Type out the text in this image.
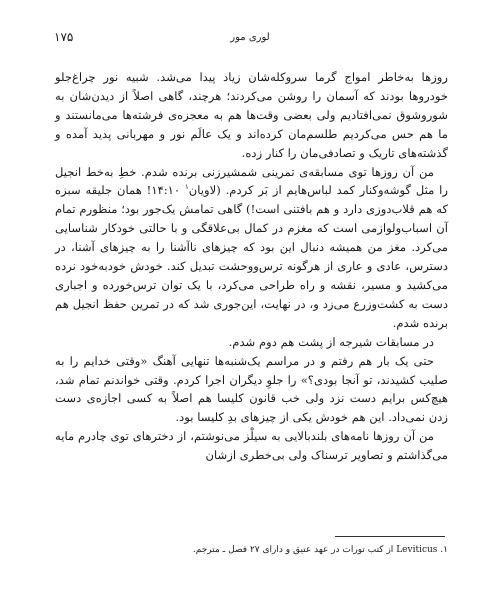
۱۷۵	لوری مور

روزها به‌خاطر امواج گرما سروکله‌شان زیاد پیدا می‌شد. شبیه نور چراغ‌جلو خودروها بودند که آسمان را روشن می‌کردند؛ هرچند، گاهی اصلاً از دیدن‌شان به شوروشوق نمی‌افتادیم ولی بعضی وقت‌ها هم به معجزه‌ی فرشته‌ها می‌مانستند و ما هم حس می‌کردیم طلسم‌مان کرده‌اند و یک عالَم نور و مهربانی پدید آمده و گذشته‌های تاریک و تصادفی‌مان را کنار زده.

من آن روزها توی مسابقه‌ی تمرینی شمشیرزنی برنده شدم. خطِ به‌خط انجیل را مثل گوشه‌وکنار کمد لباس‌هایم از بَر کردم. (لاویان$^۱$ ۱۴:۱۰! همان جلیقه سبزه که هم قلاب‌دوزی دارد و هم بافتنی است!) گاهی تمامش یک‌جور بود؛ منظورم تمام آن اسباب‌ولوازمی است که مغزم در کمال بی‌علاقگی و با حالتی خودکار شناسایی می‌کرد. مغز من همیشه دنبال این بود که چیزهای ناآشنا را به چیزهای آشنا، در دسترس، عادی و عاری از هرگونه ترس‌ووحشت تبدیل کند. خودش خودبه‌خود نرده می‌کشید و مسیر، نقشه و راه طراحی می‌کرد، با یک توان ترس‌خورده و اجباری دست به کشت‌وزرع می‌زد و، در نهایت، این‌جوری شد که در تمرین حفظ انجیل هم برنده شدم.

در مسابقات شیرجه از پشت هم دوم شدم.

حتی یک بار هم رفتم و در مراسم یک‌شنبه‌ها تنهایی آهنگ «وقتی خدایم را به صلیب کشیدند، تو آنجا بودی؟» را جلوِ دیگران اجرا کردم. وقتی خواندنم تمام شد، هیچ‌کس برایم دست نزد ولی خب قانون کلیسا هم اصلاً به کسی اجازه‌ی دست زدن نمی‌داد. این هم خودش یکی از چیزهای بدِ کلیسا بود.

من آن روزها نامه‌های بلندبالایی به سیلْز می‌نوشتم، از دخترهای توی چادرم مایه می‌گذاشتم و تصاویر ترسناک ولی بی‌خطری ازشان

۱. Leviticus از کتب تورات در عهد عتیق و دارای ۲۷ فصل ـ مترجم.
